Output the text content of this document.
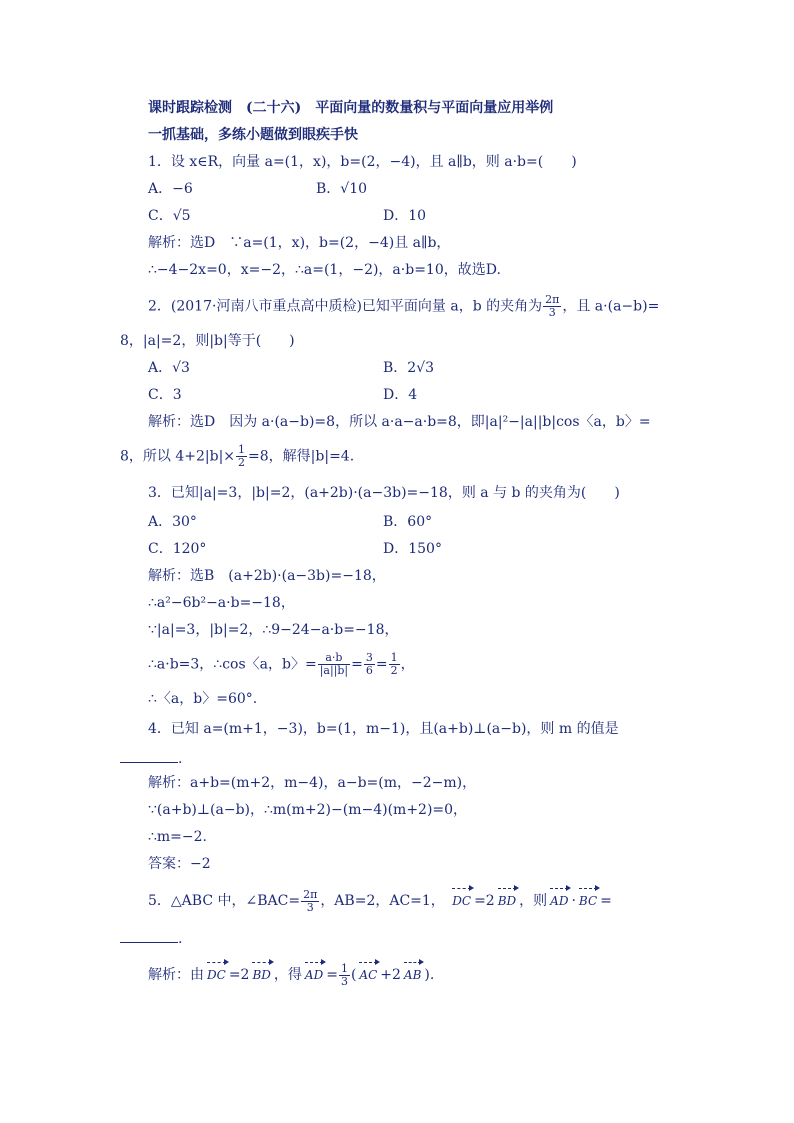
课时跟踪检测　(二十六)　平面向量的数量积与平面向量应用举例
一抓基础，多练小题做到眼疾手快
1．设 x∈R，向量 a=(1，x)，b=(2，−4)，且 a∥b，则 a·b=(　　)
A．−6	B．√10
C．√5	D．10
解析：选D　∵a=(1，x)，b=(2，−4)且 a∥b，
∴−4−2x=0，x=−2，∴a=(1，−2)，a·b=10，故选D.
2．(2017·河南八市重点高中质检)已知平面向量 a，b 的夹角为 $\frac{2\pi}{3}$ ，且 a·(a−b)=
8，|a|=2，则|b|等于(　　)
A．√3	B．2√3
C．3	D．4
解析：选D　因为 a·(a−b)=8，所以 a·a−a·b=8，即|a|²−|a||b|cos〈a，b〉=
8，所以 $4+2|b|\times \frac{1}{2} =8$，解得|b|=4.
3．已知|a|=3，|b|=2，(a+2b)·(a−3b)=−18，则 a 与 b 的夹角为(　　)
A．30°	B．60°
C．120°	D．150°
解析：选B　(a+2b)·(a−3b)=−18，
∴a²−6b²−a·b=−18，
∵|a|=3，|b|=2，∴9−24−a·b=−18，
∴a·b=3，∴cos〈a，b〉= $\frac{a\cdot b}{|a||b|} = \frac{3}{6} = \frac{1}{2}$ ，
∴〈a，b〉=60°.
4．已知 a=(m+1，−3)，b=(1，m−1)，且(a+b)⊥(a−b)，则 m 的值是
.
解析：a+b=(m+2，m−4)，a−b=(m，−2−m)，
∵(a+b)⊥(a−b)，∴m(m+2)−(m−4)(m+2)=0，
∴m=−2.
答案：−2
5．△ABC 中，∠BAC= $\frac{2\pi}{3}$ ，AB=2，AC=1， DC =2 BD ，则 AD · BC =
.
解析：由 DC =2 BD ，得 AD = $\frac{1}{3}$ ( AC +2 AB ).
